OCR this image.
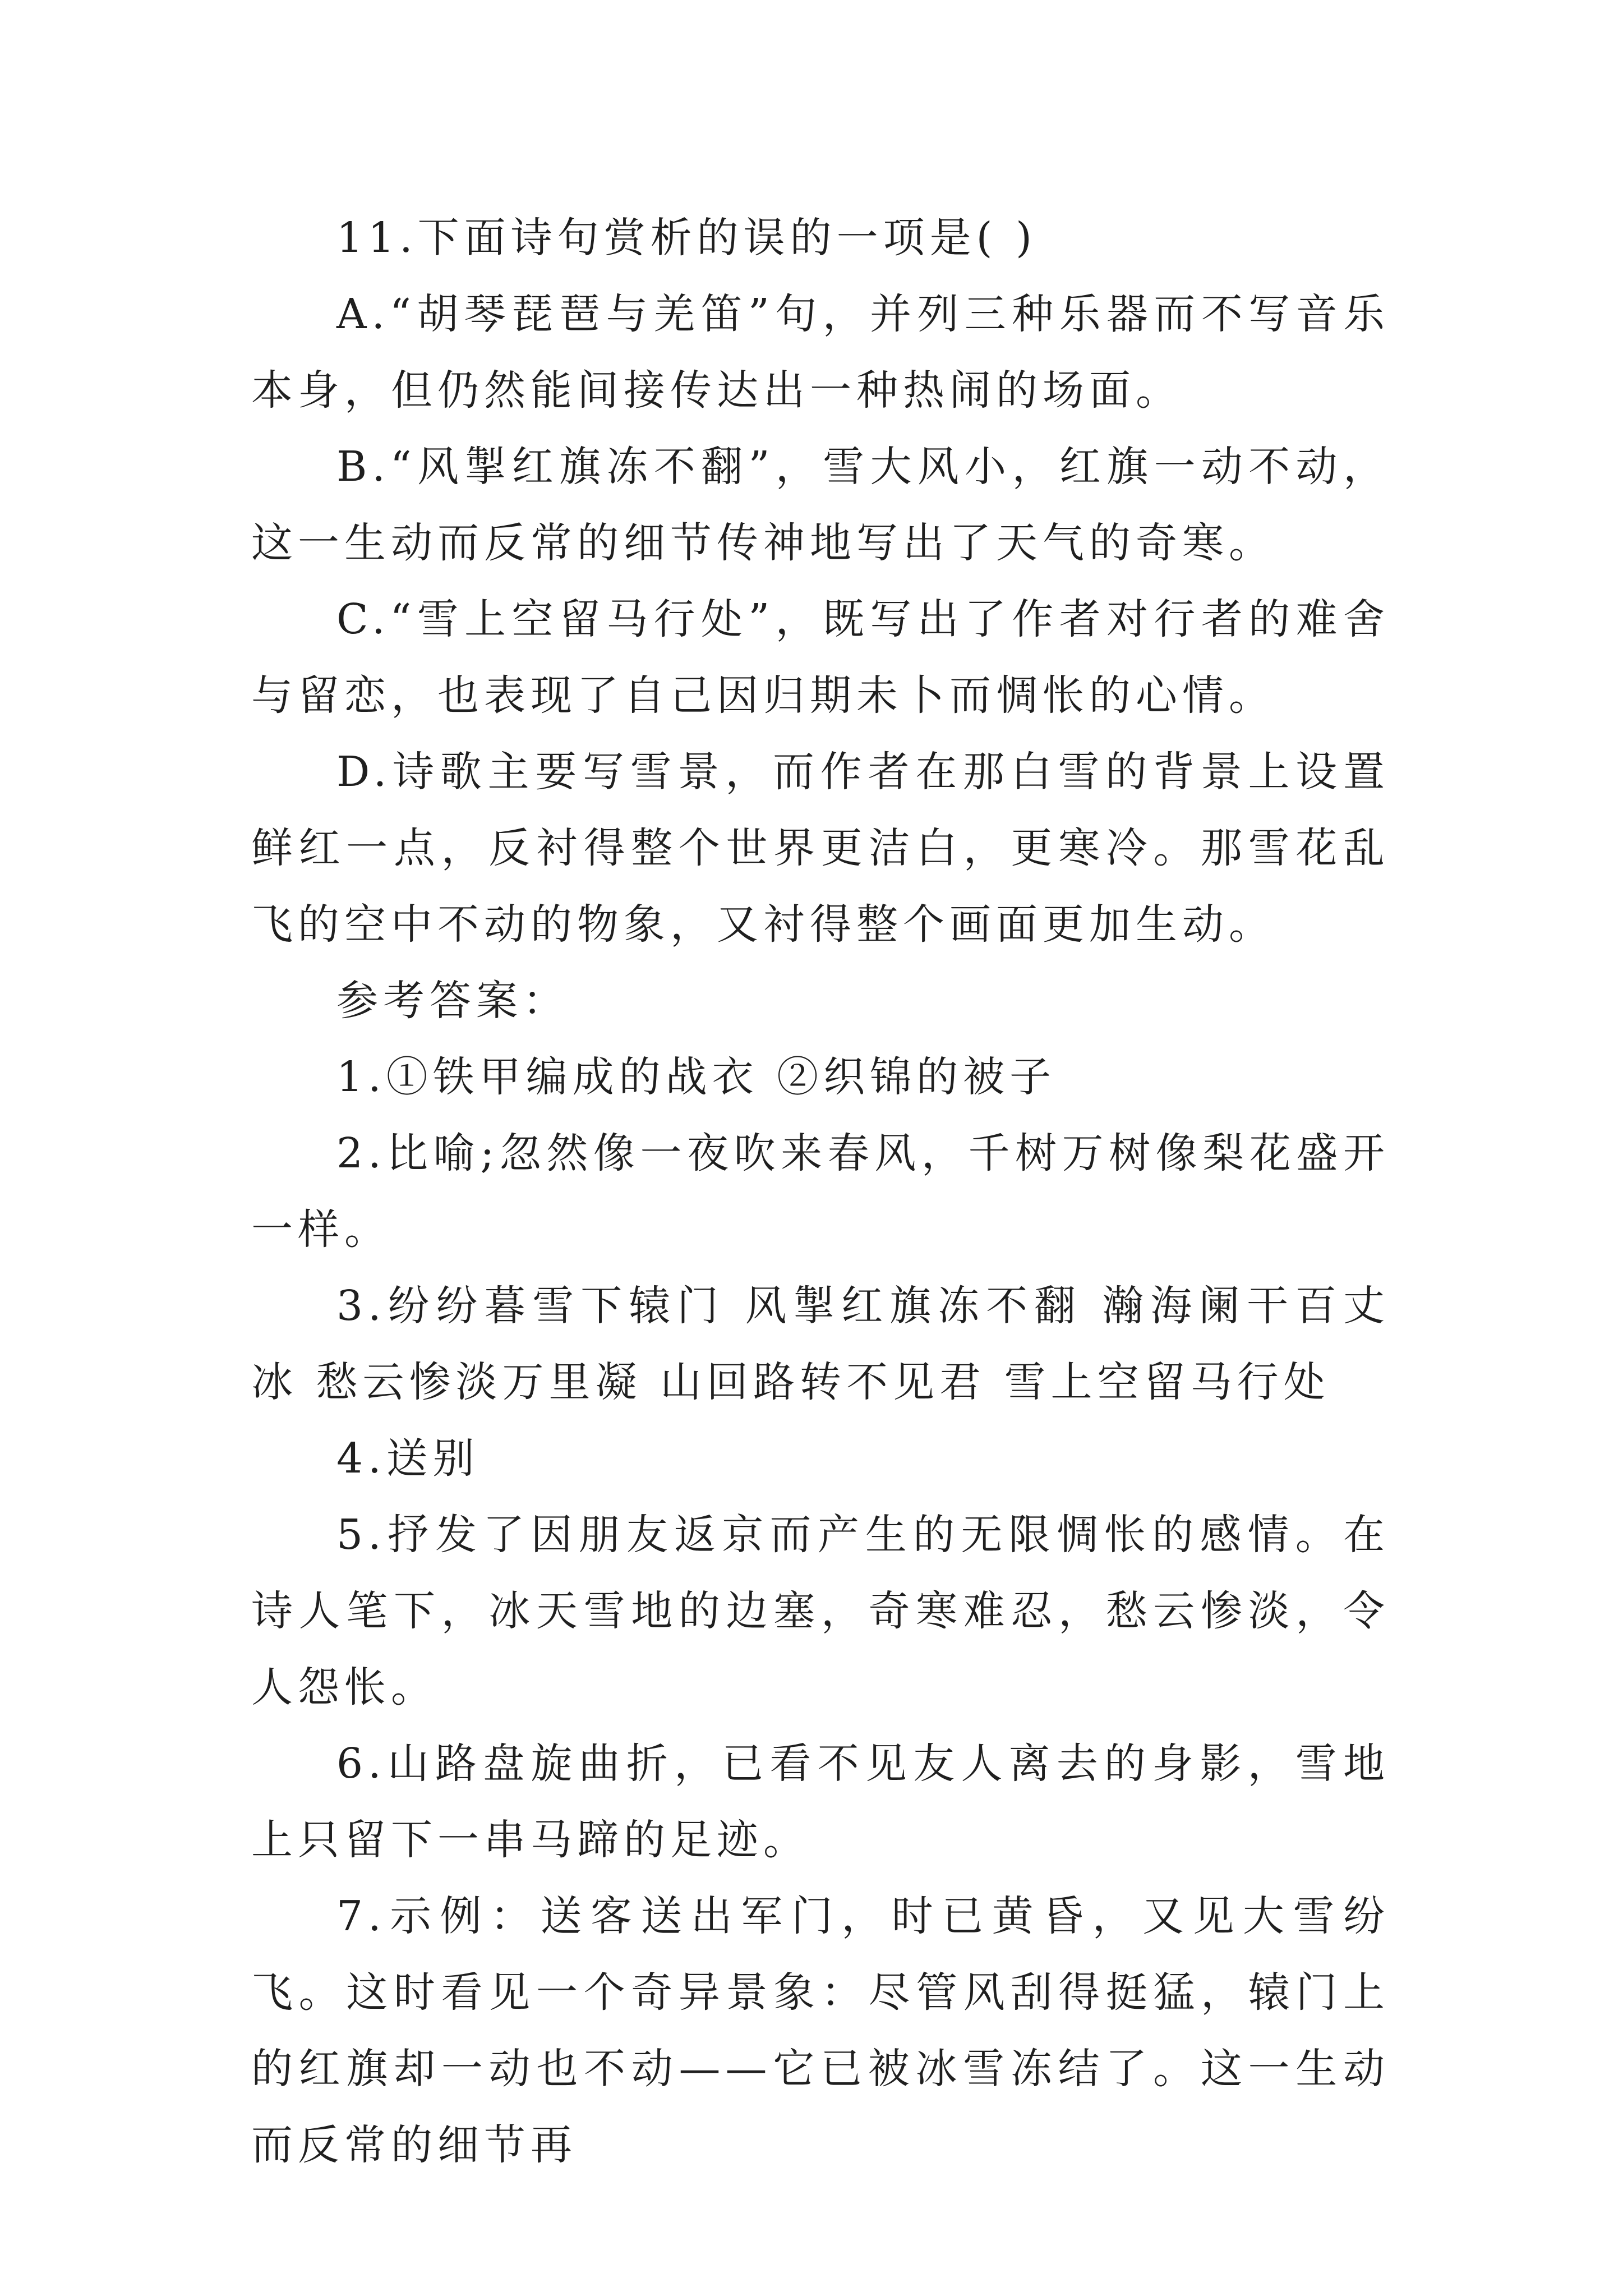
11.下面诗句赏析的误的一项是( )

A.“胡琴琵琶与羌笛”句，并列三种乐器而不写音乐本身，但仍然能间接传达出一种热闹的场面。

B.“风掣红旗冻不翻”，雪大风小，红旗一动不动，这一生动而反常的细节传神地写出了天气的奇寒。

C.“雪上空留马行处”，既写出了作者对行者的难舍与留恋，也表现了自己因归期未卜而惆怅的心情。

D.诗歌主要写雪景，而作者在那白雪的背景上设置鲜红一点，反衬得整个世界更洁白，更寒冷。那雪花乱飞的空中不动的物象，又衬得整个画面更加生动。

参考答案：

1.①铁甲编成的战衣 ②织锦的被子

2.比喻;忽然像一夜吹来春风，千树万树像梨花盛开一样。

3.纷纷暮雪下辕门 风掣红旗冻不翻 瀚海阑干百丈冰 愁云惨淡万里凝 山回路转不见君 雪上空留马行处

4.送别

5.抒发了因朋友返京而产生的无限惆怅的感情。在诗人笔下，冰天雪地的边塞，奇寒难忍，愁云惨淡，令人怨怅。

6.山路盘旋曲折，已看不见友人离去的身影，雪地上只留下一串马蹄的足迹。

7.示例：送客送出军门，时已黄昏，又见大雪纷飞。这时看见一个奇异景象：尽管风刮得挺猛，辕门上的红旗却一动也不动——它已被冰雪冻结了。这一生动而反常的细节再
